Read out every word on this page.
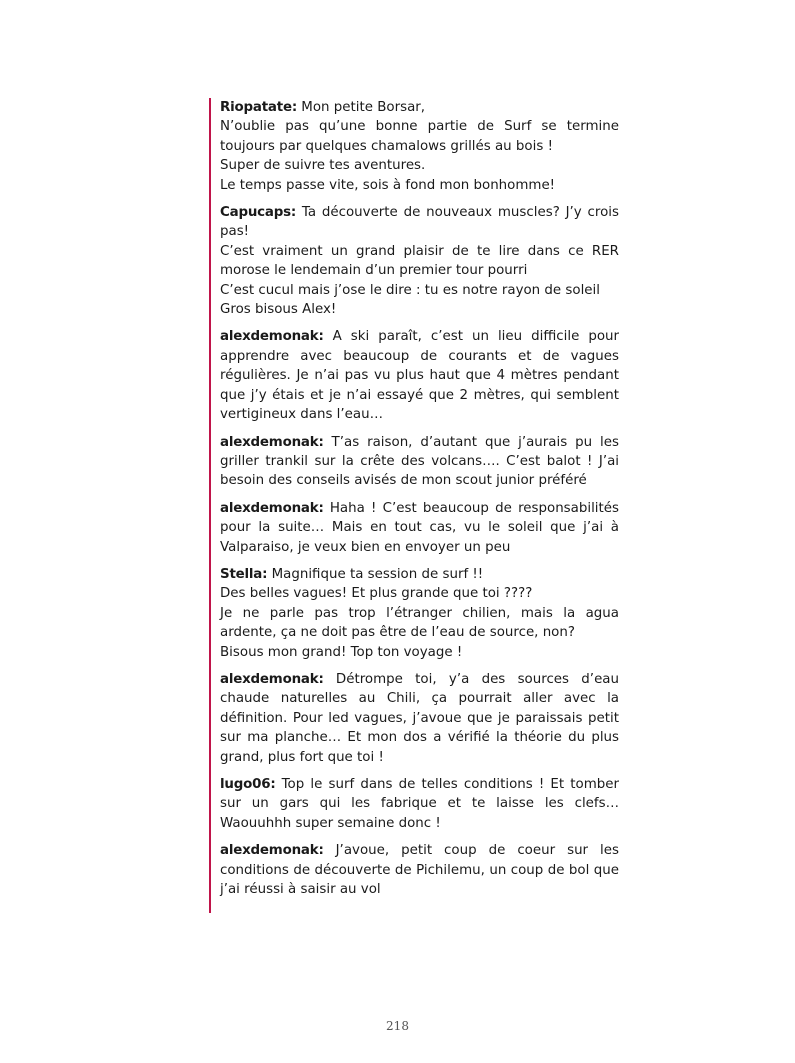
Riopatate: Mon petite Borsar,
N’oublie pas qu’une bonne partie de Surf se termine toujours par quelques chamalows grillés au bois !
Super de suivre tes aventures.
Le temps passe vite, sois à fond mon bonhomme!
Capucaps: Ta découverte de nouveaux muscles? J’y crois pas!
C’est vraiment un grand plaisir de te lire dans ce RER morose le lendemain d’un premier tour pourri
C’est cucul mais j’ose le dire : tu es notre rayon de soleil
Gros bisous Alex!
alexdemonak: A ski paraît, c’est un lieu difficile pour apprendre avec beaucoup de courants et de vagues régulières. Je n’ai pas vu plus haut que 4 mètres pendant que j’y étais et je n’ai essayé que 2 mètres, qui semblent vertigineux dans l’eau…
alexdemonak: T’as raison, d’autant que j’aurais pu les griller trankil sur la crête des volcans…. C’est balot ! J’ai besoin des conseils avisés de mon scout junior préféré
alexdemonak: Haha ! C’est beaucoup de responsabilités pour la suite… Mais en tout cas, vu le soleil que j’ai à Valparaiso, je veux bien en envoyer un peu
Stella: Magnifique ta session de surf !!
Des belles vagues! Et plus grande que toi ????
Je ne parle pas trop l’étranger chilien, mais la agua ardente, ça ne doit pas être de l’eau de source, non?
Bisous mon grand! Top ton voyage !
alexdemonak: Détrompe toi, y’a des sources d’eau chaude naturelles au Chili, ça pourrait aller avec la définition. Pour led vagues, j’avoue que je paraissais petit sur ma planche… Et mon dos a vérifié la théorie du plus grand, plus fort que toi !
lugo06: Top le surf dans de telles conditions ! Et tomber sur un gars qui les fabrique et te laisse les clefs… Waouuhhh super semaine donc !
alexdemonak: J’avoue, petit coup de coeur sur les conditions de découverte de Pichilemu, un coup de bol que j’ai réussi à saisir au vol
218
